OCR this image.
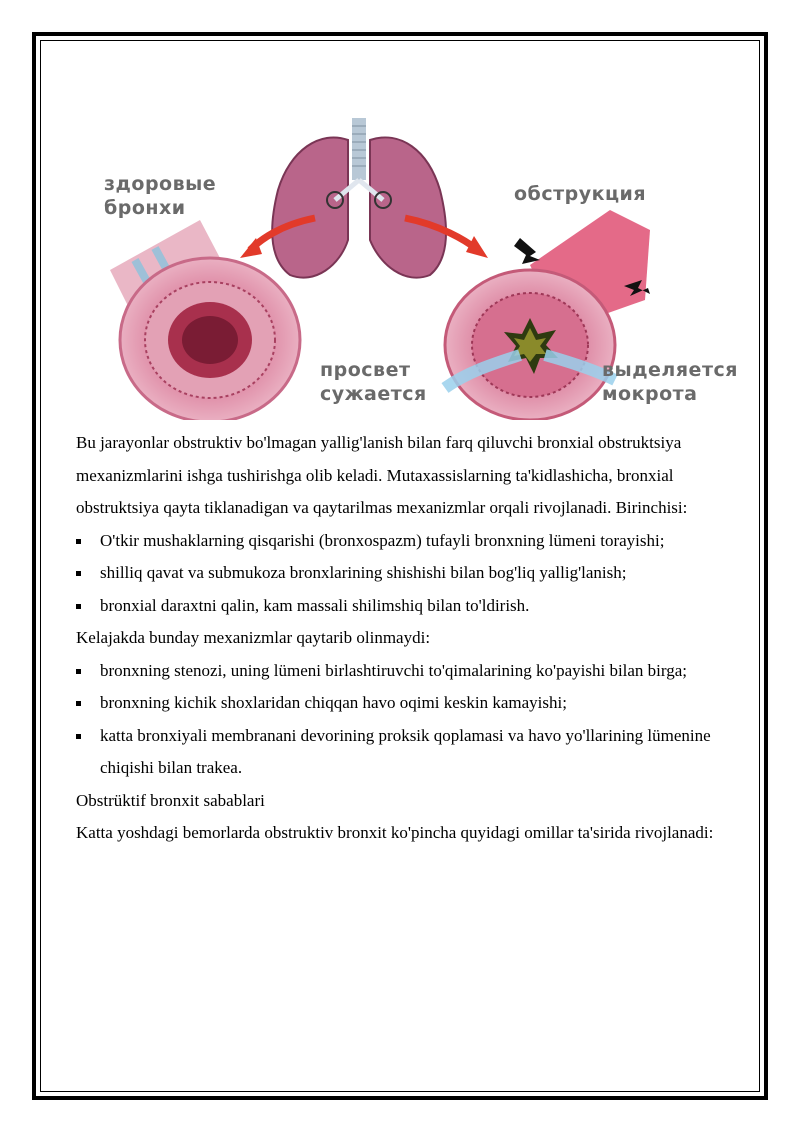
здоровые
бронхи
обструкция
просвет
сужается
выделяется
мокрота

Bu jarayonlar obstruktiv bo'lmagan yallig'lanish bilan farq qiluvchi bronxial obstruktsiya mexanizmlarini ishga tushirishga olib keladi. Mutaxassislarning ta'kidlashicha, bronxial obstruktsiya qayta tiklanadigan va qaytarilmas mexanizmlar orqali rivojlanadi. Birinchisi:

O'tkir mushaklarning qisqarishi (bronxospazm) tufayli bronxning lümeni torayishi;
shilliq qavat va submukoza bronxlarining shishishi bilan bog'liq yallig'lanish;
bronxial daraxtni qalin, kam massali shilimshiq bilan to'ldirish.

Kelajakda bunday mexanizmlar qaytarib olinmaydi:

bronxning stenozi, uning lümeni birlashtiruvchi to'qimalarining ko'payishi bilan birga;
bronxning kichik shoxlaridan chiqqan havo oqimi keskin kamayishi;
katta bronxiyali membranani devorining proksik qoplamasi va havo yo'llarining lümenine chiqishi bilan trakea.

Obstrüktif bronxit sabablari

Katta yoshdagi bemorlarda obstruktiv bronxit ko'pincha quyidagi omillar ta'sirida rivojlanadi:
